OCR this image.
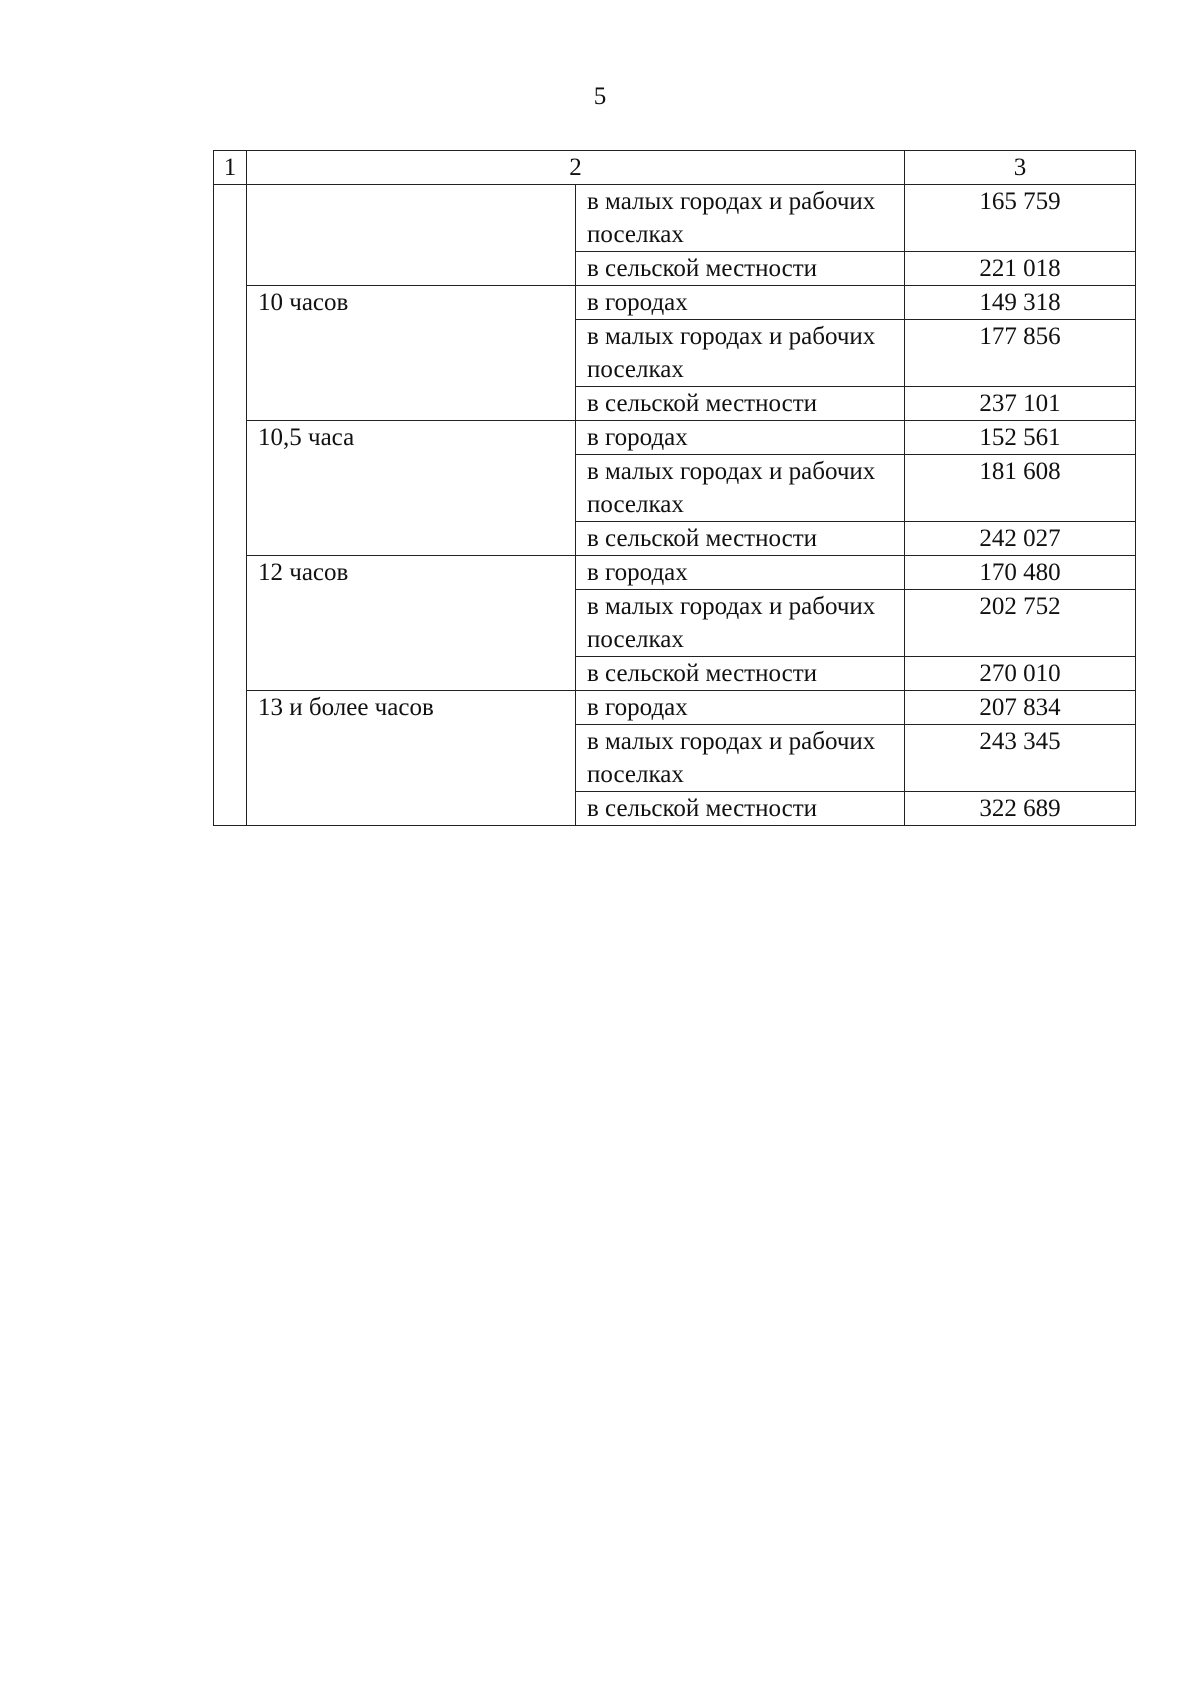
5
1	2		3
		в малых городах и рабочих поселках	165 759
		в сельской местности	221 018
	10 часов	в городах	149 318
		в малых городах и рабочих поселках	177 856
		в сельской местности	237 101
	10,5 часа	в городах	152 561
		в малых городах и рабочих поселках	181 608
		в сельской местности	242 027
	12 часов	в городах	170 480
		в малых городах и рабочих поселках	202 752
		в сельской местности	270 010
	13 и более часов	в городах	207 834
		в малых городах и рабочих поселках	243 345
		в сельской местности	322 689
